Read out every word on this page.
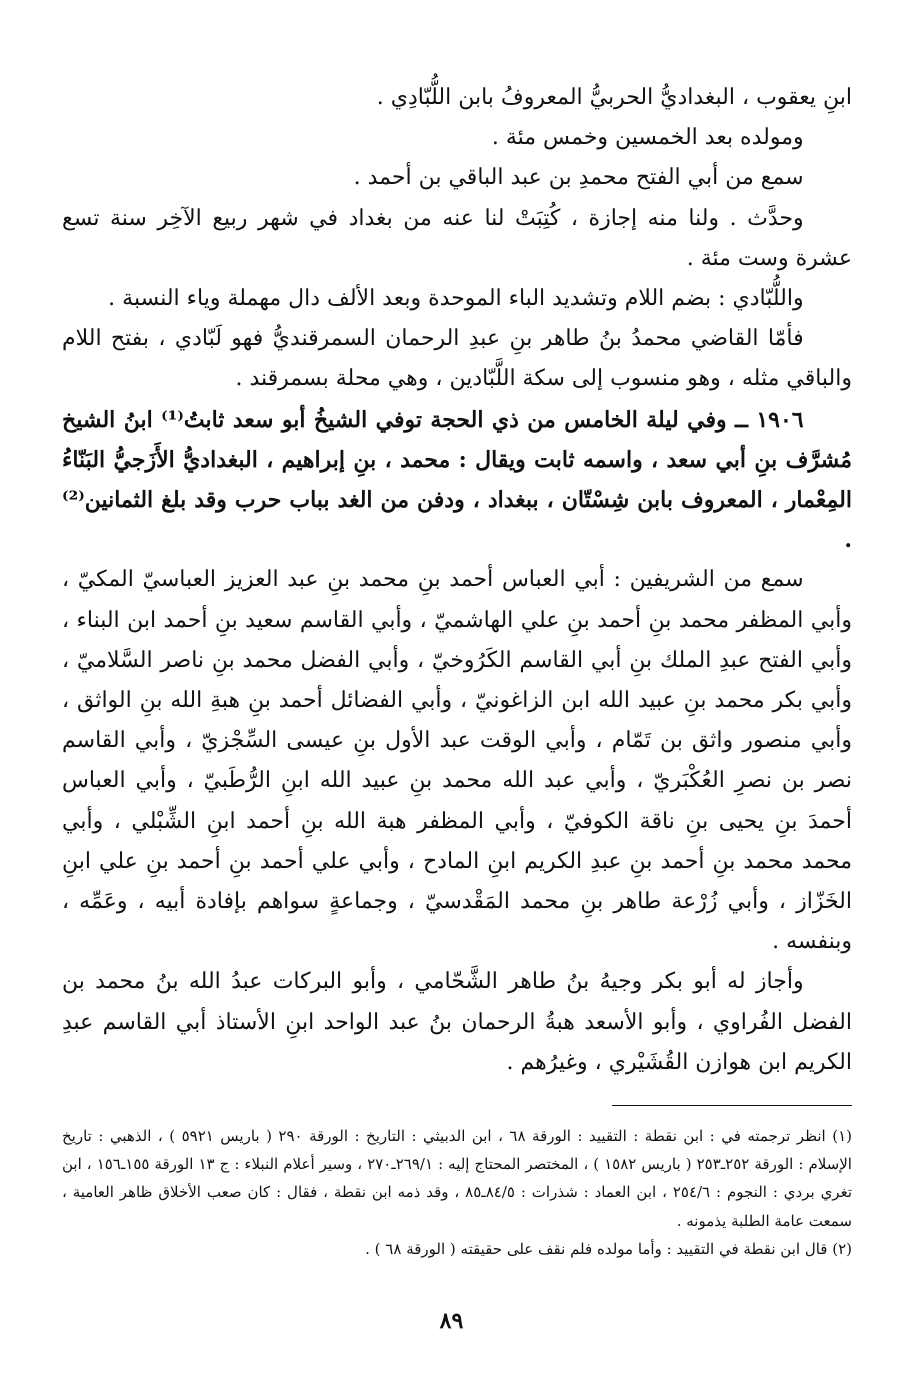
ابنِ يعقوب ، البغداديُّ الحربيُّ المعروفُ بابن اللُّبّادِي .

ومولده بعد الخمسين وخمس مئة .

سمع من أبي الفتح محمدِ بن عبد الباقي بن أحمد .

وحدَّث . ولنا منه إجازة ، كُتِبَتْ لنا عنه من بغداد في شهر ربيع الآخِر سنة تسع عشرة وست مئة .

واللُّبّادي : بضم اللام وتشديد الباء الموحدة وبعد الألف دال مهملة وياء النسبة .

فأمّا القاضي محمدُ بنُ طاهر بنِ عبدِ الرحمان السمرقنديُّ فهو لَبّادي ، بفتح اللام والباقي مثله ، وهو منسوب إلى سكة اللَّبّادين ، وهي محلة بسمرقند .

١٩٠٦ ــ وفي ليلة الخامس من ذي الحجة توفي الشيخُ أبو سعد ثابتُ⁽¹⁾ ابنُ الشيخ مُشرَّف بنِ أبي سعد ، واسمه ثابت ويقال : محمد ، بنِ إبراهيم ، البغداديُّ الأَزَجيُّ البَنّاءُ المِعْمار ، المعروف بابن شِسْتّان ، ببغداد ، ودفن من الغد بباب حرب وقد بلغ الثمانين⁽²⁾ .

سمع من الشريفين : أبي العباس أحمد بنِ محمد بنِ عبد العزيز العباسيّ المكيّ ، وأبي المظفر محمد بنِ أحمد بنِ علي الهاشميّ ، وأبي القاسم سعيد بنِ أحمد ابن البناء ، وأبي الفتح عبدِ الملك بنِ أبي القاسم الكَرُوخيّ ، وأبي الفضل محمد بنِ ناصر السَّلاميّ ، وأبي بكر محمد بنِ عبيد الله ابن الزاغونيّ ، وأبي الفضائل أحمد بنِ هبةِ الله بنِ الواثق ، وأبي منصور واثق بن تَمّام ، وأبي الوقت عبد الأول بنِ عيسى السِّجْزيّ ، وأبي القاسم نصر بن نصرِ العُكْبَريّ ، وأبي عبد الله محمد بنِ عبيد الله ابنِ الرُّطَبيّ ، وأبي العباس أحمدَ بنِ يحيى بنِ ناقة الكوفيّ ، وأبي المظفر هبة الله بنِ أحمد ابنِ الشِّبْلي ، وأبي محمد محمد بنِ أحمد بنِ عبدِ الكريم ابنِ المادح ، وأبي علي أحمد بنِ أحمد بنِ علي ابنِ الخَزّاز ، وأبي زُرْعة طاهر بنِ محمد المَقْدسيّ ، وجماعةٍ سواهم بإفادة أبيه ، وعَمِّه ، وبنفسه .

وأجاز له أبو بكر وجيهُ بنُ طاهر الشَّحّامي ، وأبو البركات عبدُ الله بنُ محمد بن الفضل الفُراوي ، وأبو الأسعد هبةُ الرحمان بنُ عبد الواحد ابنِ الأستاذ أبي القاسم عبدِ الكريم ابن هوازن القُشَيْري ، وغيرُهم .

(١) انظر ترجمته في : ابن نقطة : التقييد : الورقة ٦٨ ، ابن الدبيثي : التاريخ : الورقة ٢٩٠ ( باريس ٥٩٢١ ) ، الذهبي : تاريخ الإسلام : الورقة ٢٥٢ـ٢٥٣ ( باريس ١٥٨٢ ) ، المختصر المحتاج إليه : ٢٦٩/١ـ٢٧٠ ، وسير أعلام النبلاء : ج ١٣ الورقة ١٥٥ـ١٥٦ ، ابن تغري بردي : النجوم : ٢٥٤/٦ ، ابن العماد : شذرات : ٨٤/٥ـ٨٥ ، وقد ذمه ابن نقطة ، فقال : كان صعب الأخلاق ظاهر العامية ، سمعت عامة الطلبة يذمونه .

(٢) قال ابن نقطة في التقييد : وأما مولده فلم نقف على حقيقته ( الورقة ٦٨ ) .

٨٩
